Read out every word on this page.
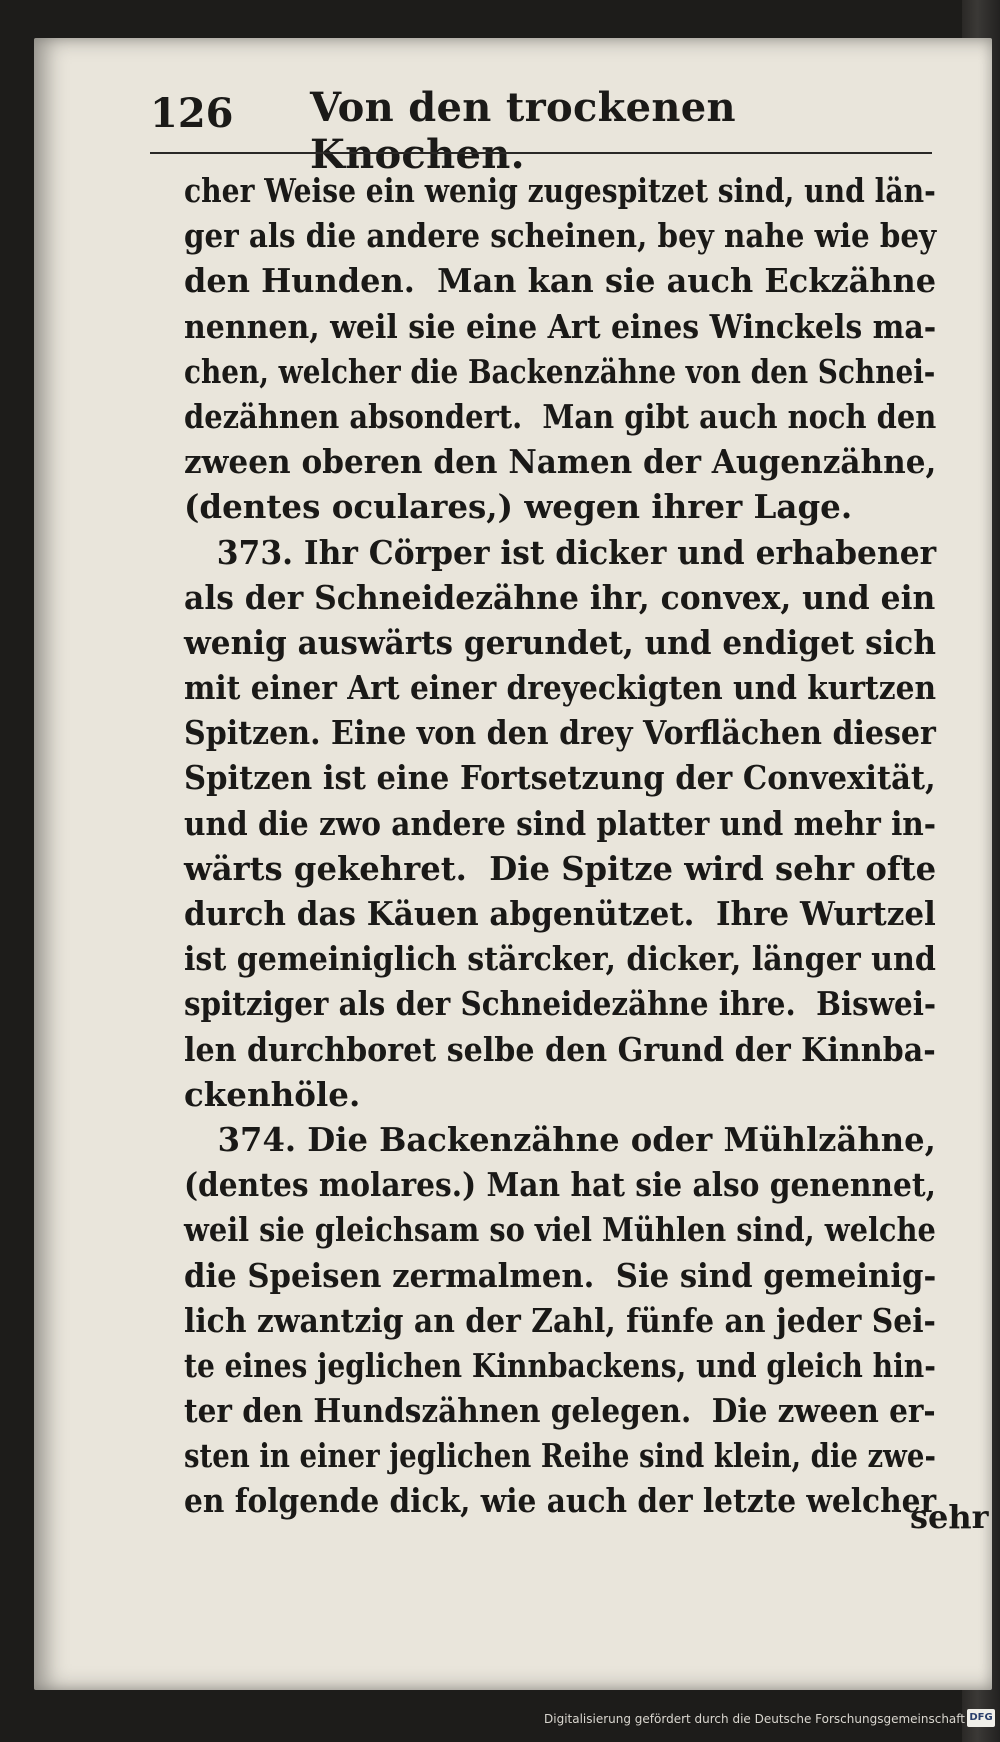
126 Von den trockenen Knochen.
cher Weise ein wenig zugespitzet sind, und län-
ger als die andere scheinen, bey nahe wie bey
den Hunden.  Man kan sie auch Eckzähne
nennen, weil sie eine Art eines Winckels ma-
chen, welcher die Backenzähne von den Schnei-
dezähnen absondert.  Man gibt auch noch den
zween oberen den Namen der Augenzähne,
(dentes oculares,) wegen ihrer Lage.
373. Ihr Cörper ist dicker und erhabener
als der Schneidezähne ihr, convex, und ein
wenig auswärts gerundet, und endiget sich
mit einer Art einer dreyeckigten und kurtzen
Spitzen. Eine von den drey Vorflächen dieser
Spitzen ist eine Fortsetzung der Convexität,
und die zwo andere sind platter und mehr in-
wärts gekehret.  Die Spitze wird sehr ofte
durch das Käuen abgenützet.  Ihre Wurtzel
ist gemeiniglich stärcker, dicker, länger und
spitziger als der Schneidezähne ihre.  Biswei-
len durchboret selbe den Grund der Kinnba-
ckenhöle.
374. Die Backenzähne oder Mühlzähne,
(dentes molares.) Man hat sie also genennet,
weil sie gleichsam so viel Mühlen sind, welche
die Speisen zermalmen.  Sie sind gemeinig-
lich zwantzig an der Zahl, fünfe an jeder Sei-
te eines jeglichen Kinnbackens, und gleich hin-
ter den Hundszähnen gelegen.  Die zween er-
sten in einer jeglichen Reihe sind klein, die zwe-
en folgende dick, wie auch der letzte welcher
sehr
Digitalisierung gefördert durch die Deutsche Forschungsgemeinschaft DFG
